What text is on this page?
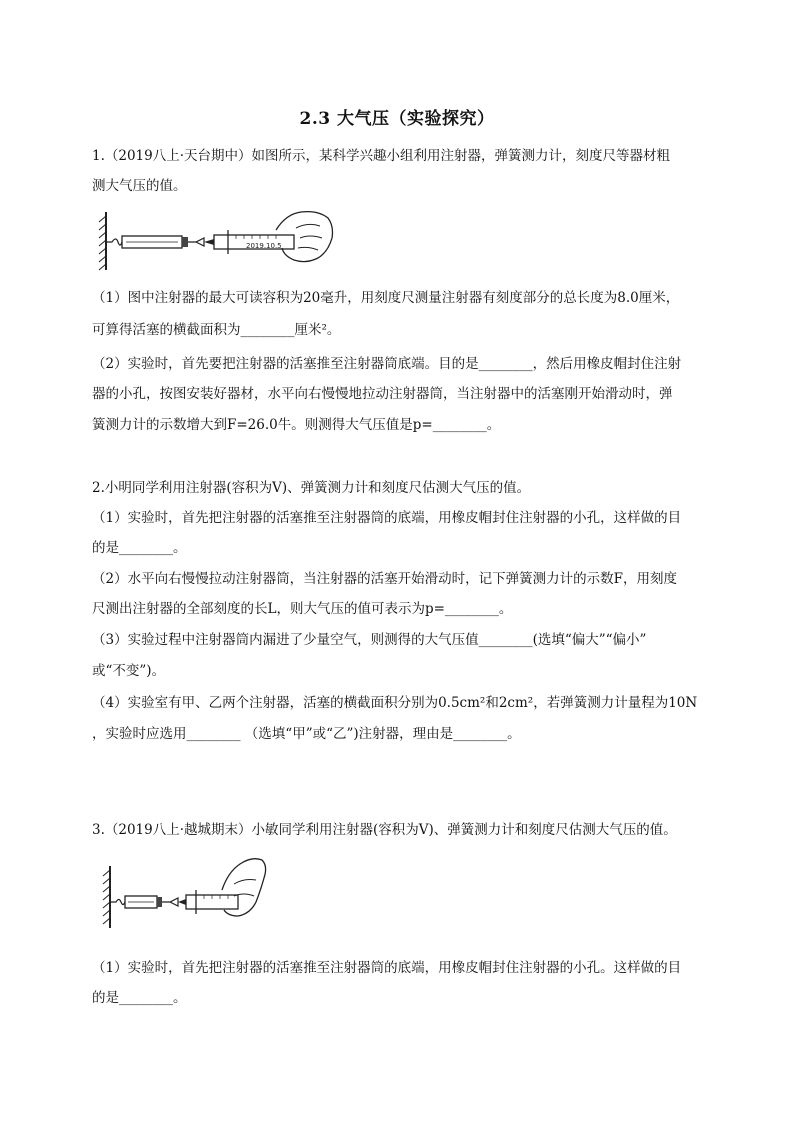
2.3 大气压（实验探究）
1.（2019八上·天台期中）如图所示，某科学兴趣小组利用注射器，弹簧测力计，刻度尺等器材粗
测大气压的值。
2019.10.5
（1）图中注射器的最大可读容积为20毫升，用刻度尺测量注射器有刻度部分的总长度为8.0厘米，
可算得活塞的横截面积为________厘米²。
（2）实验时，首先要把注射器的活塞推至注射器筒底端。目的是________，然后用橡皮帽封住注射
器的小孔，按图安装好器材，水平向右慢慢地拉动注射器筒，当注射器中的活塞刚开始滑动时，弹
簧测力计的示数增大到F=26.0牛。则测得大气压值是p=________。
2.小明同学利用注射器(容积为V)、弹簧测力计和刻度尺估测大气压的值。
（1）实验时，首先把注射器的活塞推至注射器筒的底端，用橡皮帽封住注射器的小孔，这样做的目
的是________。
（2）水平向右慢慢拉动注射器筒，当注射器的活塞开始滑动时，记下弹簧测力计的示数F，用刻度
尺测出注射器的全部刻度的长L，则大气压的值可表示为p=________。
（3）实验过程中注射器筒内漏进了少量空气，则测得的大气压值________(选填“偏大”“偏小”
或“不变”)。
（4）实验室有甲、乙两个注射器，活塞的横截面积分别为0.5cm²和2cm²，若弹簧测力计量程为10N
，实验时应选用________ （选填“甲”或“乙”)注射器，理由是________。
3.（2019八上·越城期末）小敏同学利用注射器(容积为V)、弹簧测力计和刻度尺估测大气压的值。
（1）实验时，首先把注射器的活塞推至注射器筒的底端，用橡皮帽封住注射器的小孔。这样做的目
的是________。
